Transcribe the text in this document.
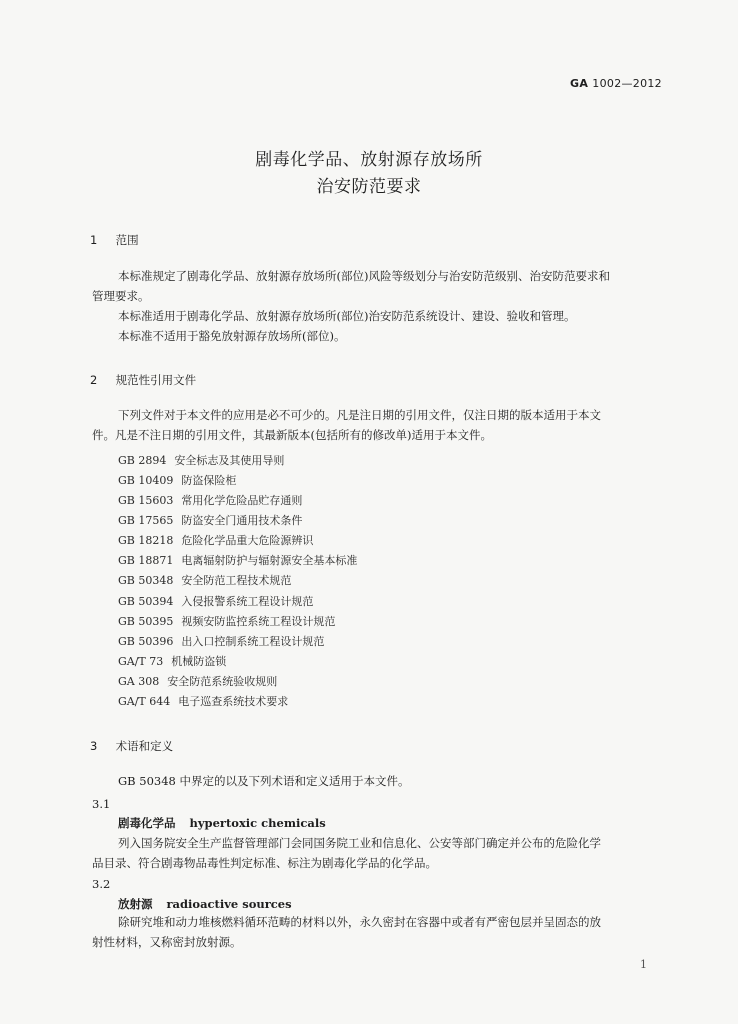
GA 1002—2012
剧毒化学品、放射源存放场所
治安防范要求
1 范围
本标准规定了剧毒化学品、放射源存放场所(部位)风险等级划分与治安防范级别、治安防范要求和
管理要求。
本标准适用于剧毒化学品、放射源存放场所(部位)治安防范系统设计、建设、验收和管理。
本标准不适用于豁免放射源存放场所(部位)。
2 规范性引用文件
下列文件对于本文件的应用是必不可少的。凡是注日期的引用文件，仅注日期的版本适用于本文
件。凡是不注日期的引用文件，其最新版本(包括所有的修改单)适用于本文件。
GB 2894 安全标志及其使用导则
GB 10409 防盗保险柜
GB 15603 常用化学危险品贮存通则
GB 17565 防盗安全门通用技术条件
GB 18218 危险化学品重大危险源辨识
GB 18871 电离辐射防护与辐射源安全基本标准
GB 50348 安全防范工程技术规范
GB 50394 入侵报警系统工程设计规范
GB 50395 视频安防监控系统工程设计规范
GB 50396 出入口控制系统工程设计规范
GA/T 73 机械防盗锁
GA 308 安全防范系统验收规则
GA/T 644 电子巡查系统技术要求
3 术语和定义
GB 50348 中界定的以及下列术语和定义适用于本文件。
3.1
剧毒化学品 hypertoxic chemicals
列入国务院安全生产监督管理部门会同国务院工业和信息化、公安等部门确定并公布的危险化学
品目录、符合剧毒物品毒性判定标准、标注为剧毒化学品的化学品。
3.2
放射源 radioactive sources
除研究堆和动力堆核燃料循环范畴的材料以外，永久密封在容器中或者有严密包层并呈固态的放
射性材料，又称密封放射源。
1
